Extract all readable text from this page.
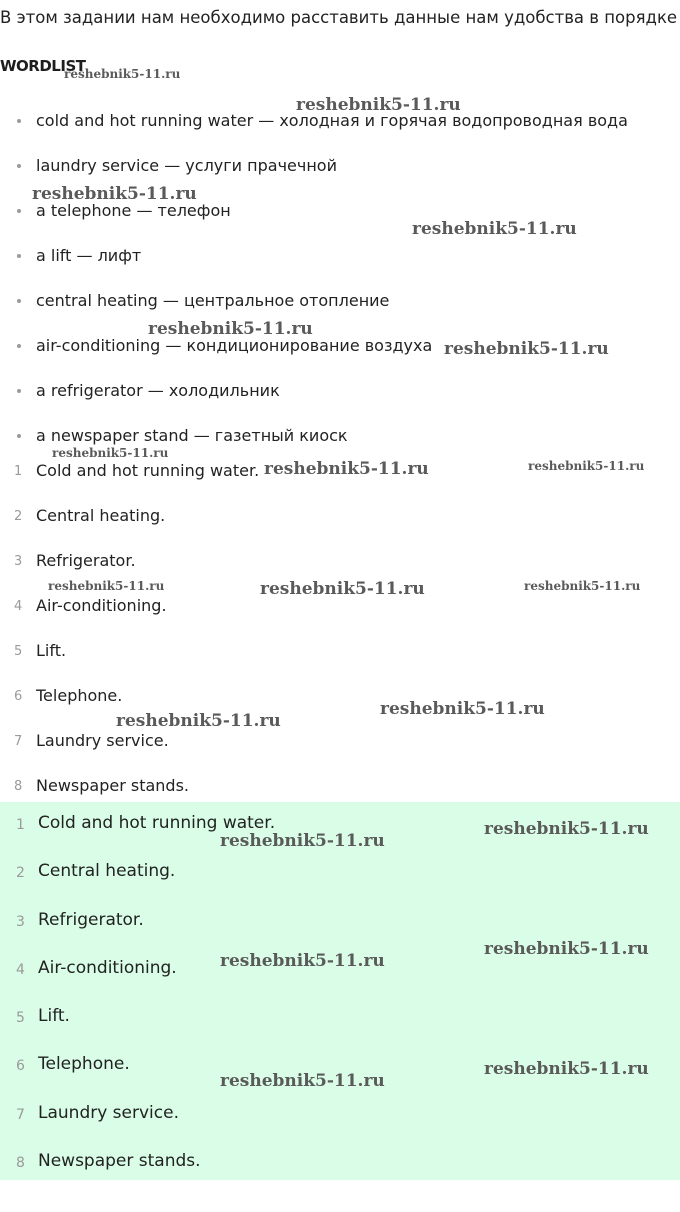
В этом задании нам необходимо расставить данные нам удобства в порядке
WORDLIST
cold and hot running water — холодная и горячая водопроводная вода
laundry service — услуги прачечной
a telephone — телефон
a lift — лифт
central heating — центральное отопление
air-conditioning — кондиционирование воздуха
a refrigerator — холодильник
a newspaper stand — газетный киоск
1 Cold and hot running water.
2 Central heating.
3 Refrigerator.
4 Air-conditioning.
5 Lift.
6 Telephone.
7 Laundry service.
8 Newspaper stands.
1 Cold and hot running water.
2 Central heating.
3 Refrigerator.
4 Air-conditioning.
5 Lift.
6 Telephone.
7 Laundry service.
8 Newspaper stands.
reshebnik5-11.ru
reshebnik5-11.ru
reshebnik5-11.ru
reshebnik5-11.ru
reshebnik5-11.ru
reshebnik5-11.ru
reshebnik5-11.ru
reshebnik5-11.ru	reshebnik5-11.ru
reshebnik5-11.ru	reshebnik5-11.ru	reshebnik5-11.ru
reshebnik5-11.ru
reshebnik5-11.ru
reshebnik5-11.ru
reshebnik5-11.ru
reshebnik5-11.ru
reshebnik5-11.ru
reshebnik5-11.ru
reshebnik5-11.ru
